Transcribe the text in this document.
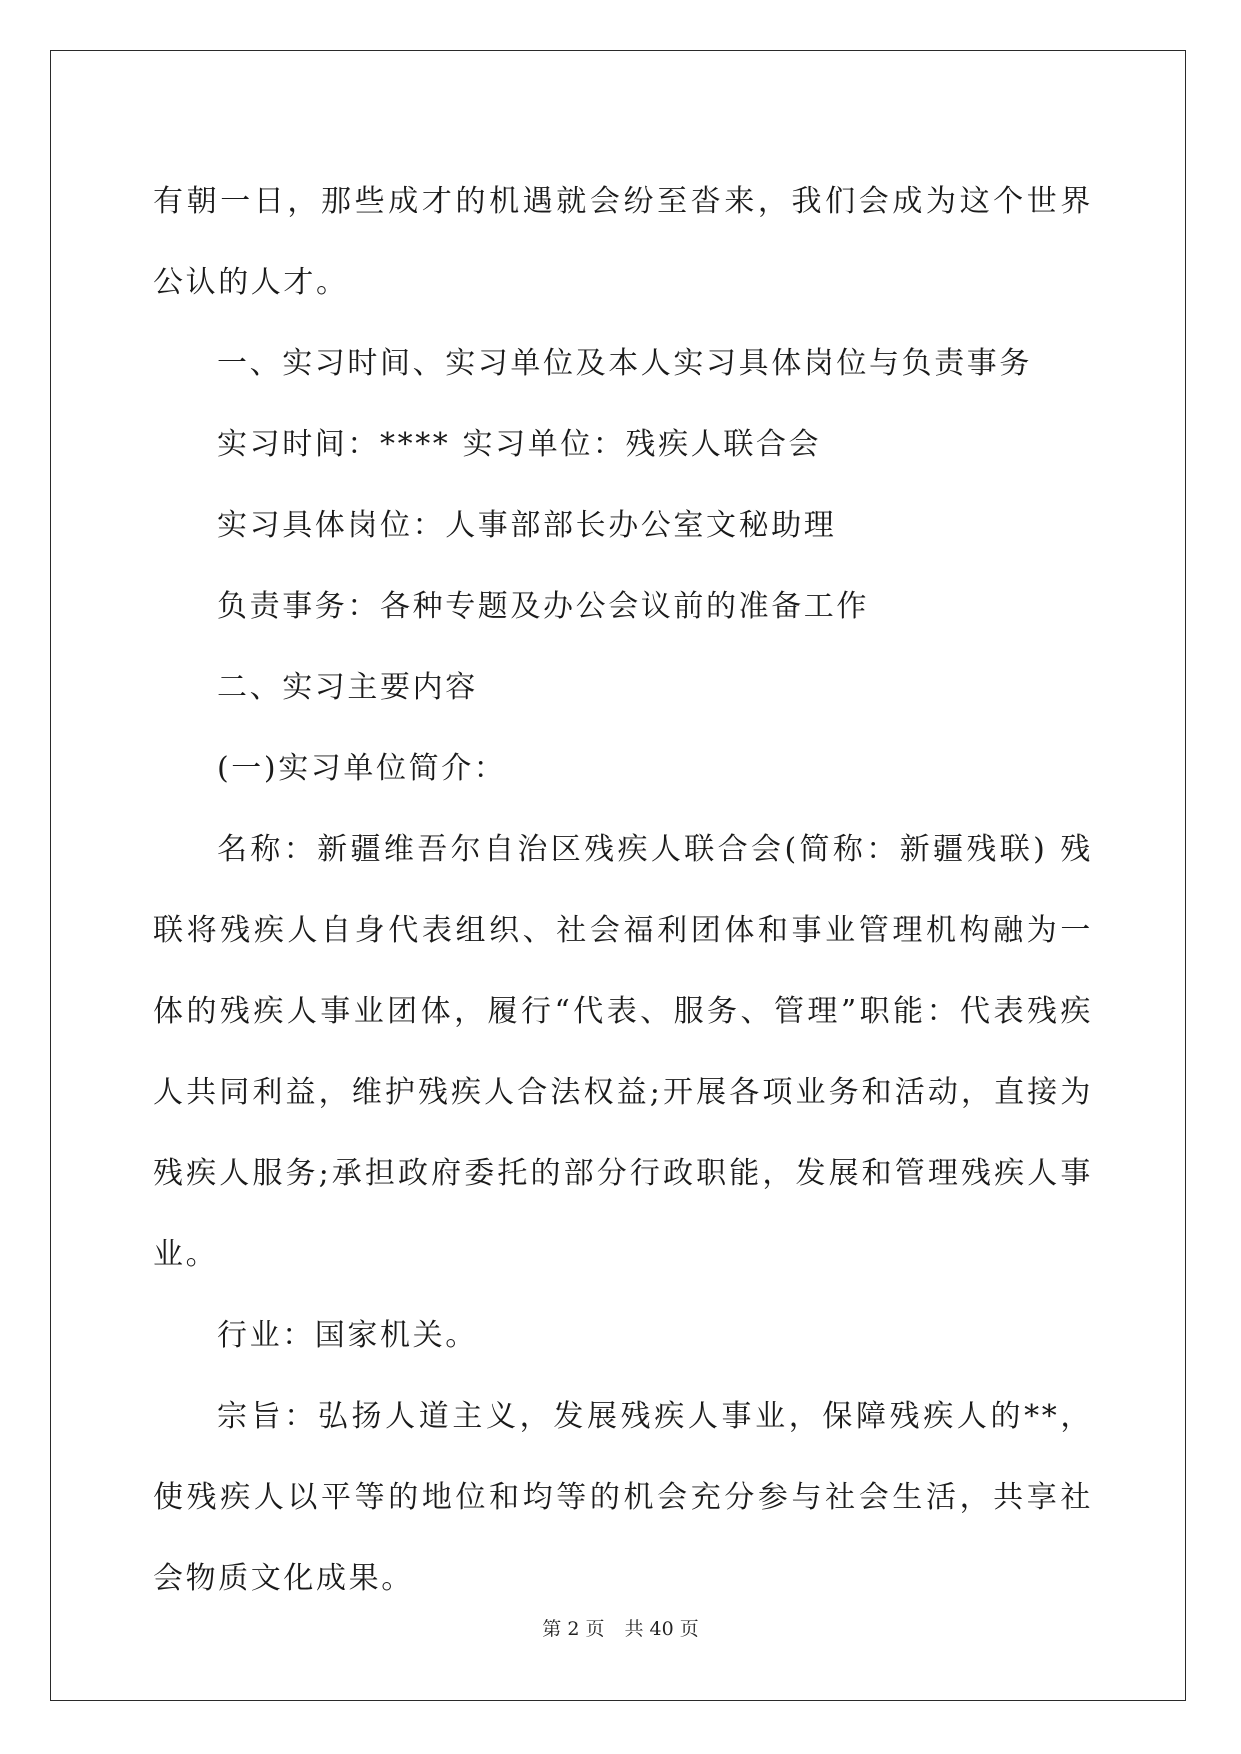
有朝一日，那些成才的机遇就会纷至沓来，我们会成为这个世界公认的人才。

一、实习时间、实习单位及本人实习具体岗位与负责事务

实习时间：**** 实习单位：残疾人联合会

实习具体岗位：人事部部长办公室文秘助理

负责事务：各种专题及办公会议前的准备工作

二、实习主要内容

(一)实习单位简介：

名称：新疆维吾尔自治区残疾人联合会(简称：新疆残联) 残联将残疾人自身代表组织、社会福利团体和事业管理机构融为一体的残疾人事业团体，履行“代表、服务、管理”职能：代表残疾人共同利益，维护残疾人合法权益;开展各项业务和活动，直接为残疾人服务;承担政府委托的部分行政职能，发展和管理残疾人事业。

行业：国家机关。

宗旨：弘扬人道主义，发展残疾人事业，保障残疾人的**，使残疾人以平等的地位和均等的机会充分参与社会生活，共享社会物质文化成果。

第 2 页 共 40 页
